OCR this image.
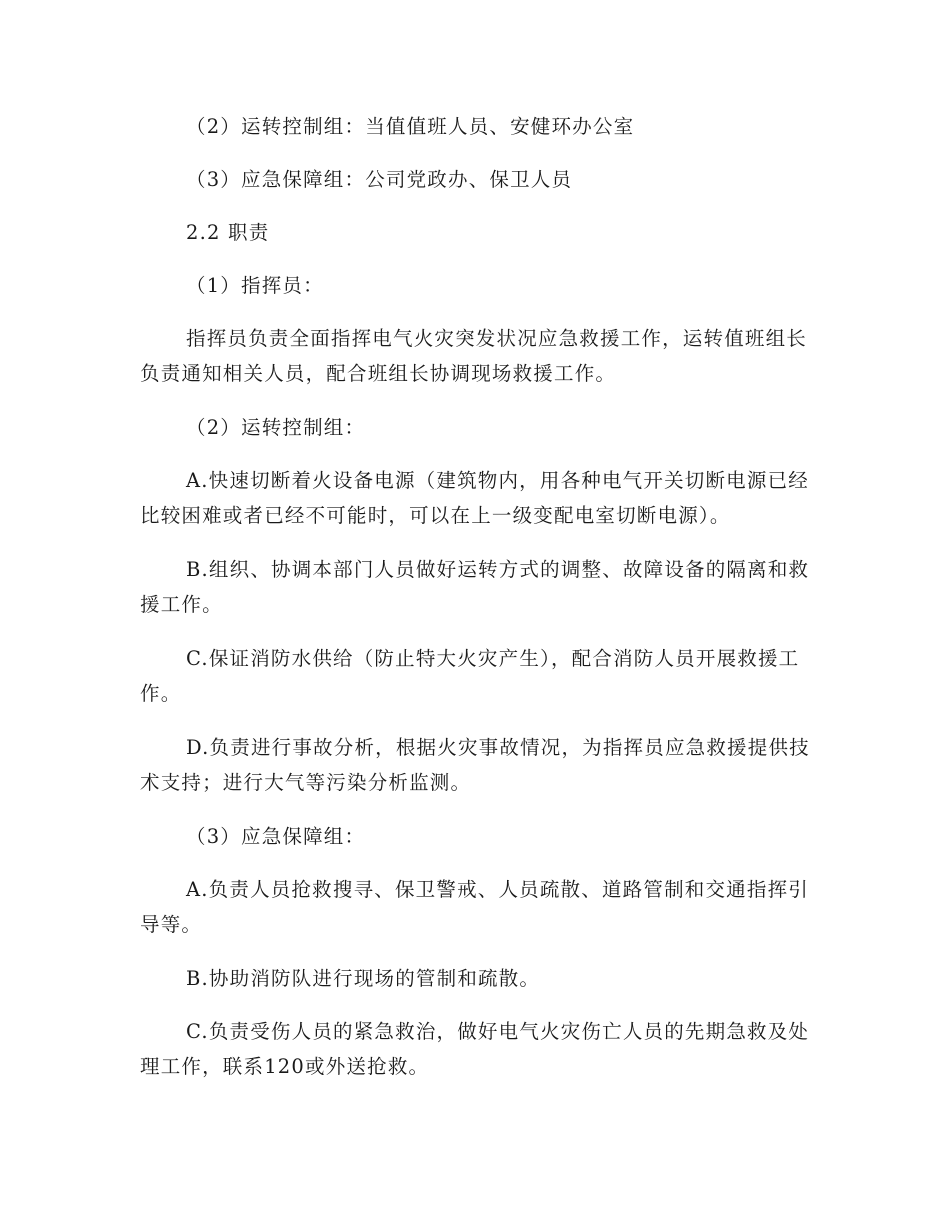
（2）运转控制组：当值值班人员、安健环办公室

（3）应急保障组：公司党政办、保卫人员

2.2 职责

（1）指挥员：

指挥员负责全面指挥电气火灾突发状况应急救援工作，运转值班组长负责通知相关人员，配合班组长协调现场救援工作。

（2）运转控制组：

A.快速切断着火设备电源（建筑物内，用各种电气开关切断电源已经比较困难或者已经不可能时，可以在上一级变配电室切断电源）。

B.组织、协调本部门人员做好运转方式的调整、故障设备的隔离和救援工作。

C.保证消防水供给（防止特大火灾产生），配合消防人员开展救援工作。

D.负责进行事故分析，根据火灾事故情况，为指挥员应急救援提供技术支持；进行大气等污染分析监测。

（3）应急保障组：

A.负责人员抢救搜寻、保卫警戒、人员疏散、道路管制和交通指挥引导等。

B.协助消防队进行现场的管制和疏散。

C.负责受伤人员的紧急救治，做好电气火灾伤亡人员的先期急救及处理工作，联系120或外送抢救。
